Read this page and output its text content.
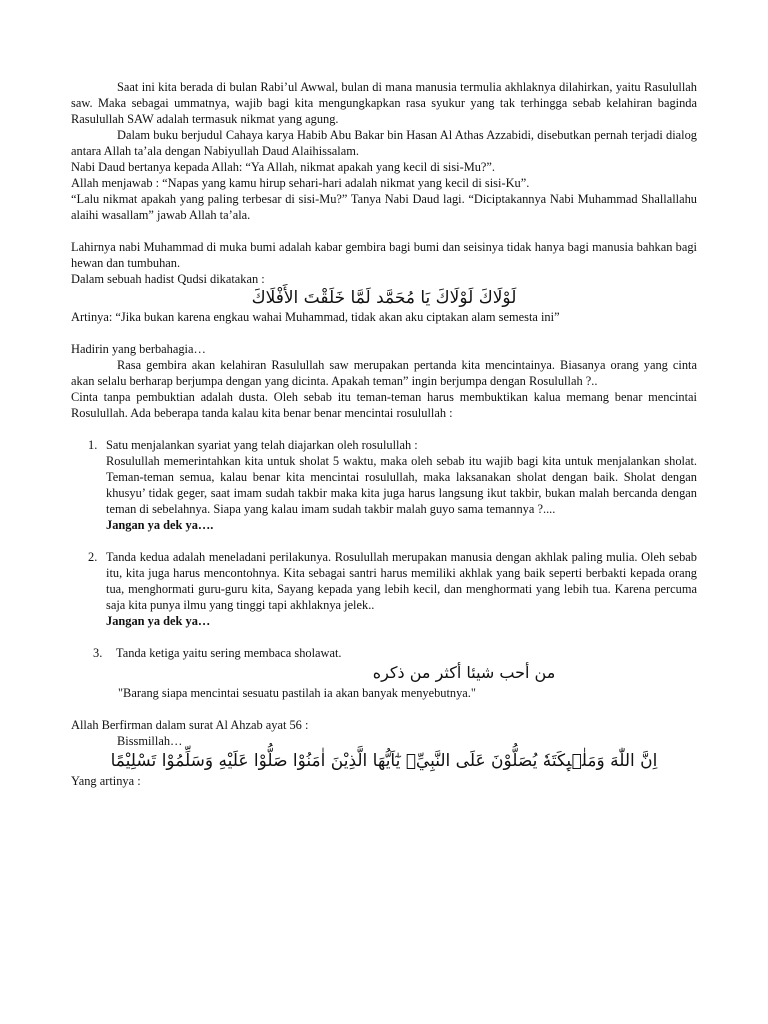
Saat ini kita berada di bulan Rabi’ul Awwal, bulan di mana manusia termulia akhlaknya dilahirkan, yaitu Rasulullah saw. Maka sebagai ummatnya, wajib bagi kita mengungkapkan rasa syukur yang tak terhingga sebab kelahiran baginda Rasulullah SAW adalah termasuk nikmat yang agung.

Dalam buku berjudul Cahaya karya Habib Abu Bakar bin Hasan Al Athas Azzabidi, disebutkan pernah terjadi dialog antara Allah ta’ala dengan Nabiyullah Daud Alaihissalam.

Nabi Daud bertanya kepada Allah: “Ya Allah, nikmat apakah yang kecil di sisi-Mu?”.

Allah menjawab : “Napas yang kamu hirup sehari-hari adalah nikmat yang kecil di sisi-Ku”.

“Lalu nikmat apakah yang paling terbesar di sisi-Mu?” Tanya Nabi Daud lagi. “Diciptakannya Nabi Muhammad Shallallahu alaihi wasallam” jawab Allah ta’ala.

Lahirnya nabi Muhammad di muka bumi adalah kabar gembira bagi bumi dan seisinya tidak hanya bagi manusia bahkan bagi hewan dan tumbuhan.

Dalam sebuah hadist Qudsi dikatakan :

لَوْلَاكَ لَوْلَاكَ يَا مُحَمَّد لَمَّا خَلَقْتَ الأَفْلَاكَ

Artinya: “Jika bukan karena engkau wahai Muhammad, tidak akan aku ciptakan alam semesta ini”

Hadirin yang berbahagia…

Rasa gembira akan kelahiran Rasulullah saw merupakan pertanda kita mencintainya. Biasanya orang yang cinta akan selalu berharap berjumpa dengan yang dicinta. Apakah teman” ingin berjumpa dengan Rosulullah ?..

Cinta tanpa pembuktian adalah dusta. Oleh sebab itu teman-teman harus membuktikan kalua memang benar mencintai Rosulullah. Ada beberapa tanda kalau kita benar benar mencintai rosulullah :

1. Satu menjalankan syariat yang telah diajarkan oleh rosulullah :
Rosulullah memerintahkan kita untuk sholat 5 waktu, maka oleh sebab itu wajib bagi kita untuk menjalankan sholat. Teman-teman semua, kalau benar kita mencintai rosulullah, maka laksanakan sholat dengan baik. Sholat dengan khusyu’ tidak geger, saat imam sudah takbir maka kita juga harus langsung ikut takbir, bukan malah bercanda dengan teman di sebelahnya. Siapa yang kalau imam sudah takbir malah guyo sama temannya ?....
Jangan ya dek ya….
2. Tanda kedua adalah meneladani perilakunya. Rosulullah merupakan manusia dengan akhlak paling mulia. Oleh sebab itu, kita juga harus mencontohnya. Kita sebagai santri harus memiliki akhlak yang baik seperti berbakti kepada orang tua, menghormati guru-guru kita, Sayang kepada yang lebih kecil, dan menghormati yang lebih tua. Karena percuma saja kita punya ilmu yang tinggi tapi akhlaknya jelek..
Jangan ya dek ya…
3. Tanda ketiga yaitu sering membaca sholawat.

من أحب شيئا أكثر من ذكره

"Barang siapa mencintai sesuatu pastilah ia akan banyak menyebutnya."

Allah Berfirman dalam surat Al Ahzab ayat 56 :

Bissmillah…

اِنَّ اللّٰهَ وَمَلٰۤىِٕكَتَهٗ يُصَلُّوْنَ عَلَى النَّبِيِّۗ يٰٓاَيُّهَا الَّذِيْنَ اٰمَنُوْا صَلُّوْا عَلَيْهِ وَسَلِّمُوْا تَسْلِيْمًا

Yang artinya :
